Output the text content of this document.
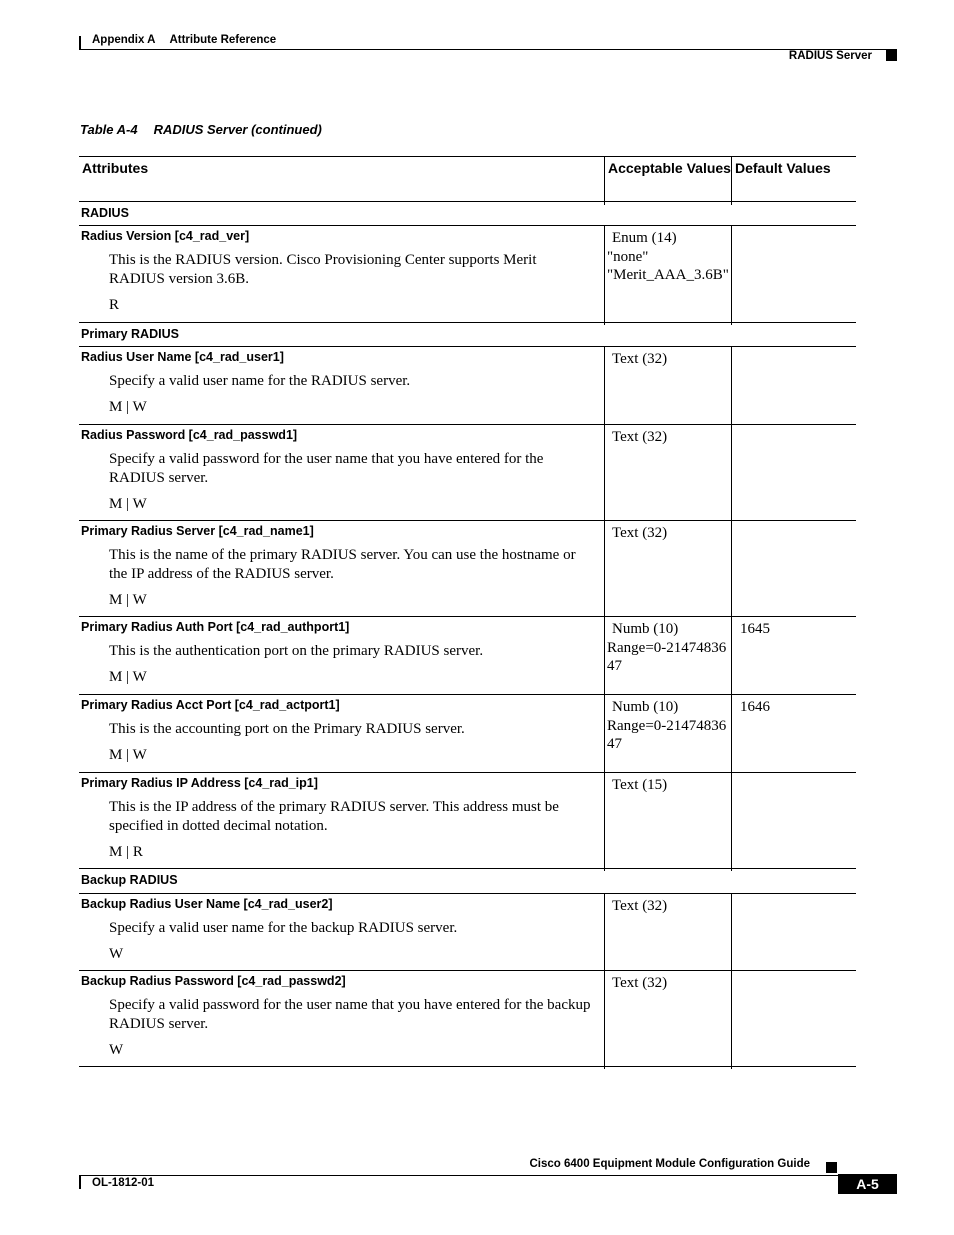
Appendix A Attribute Reference
RADIUS Server
Table A-4 RADIUS Server (continued)
Attributes	Acceptable Values Default Values
RADIUS
Radius Version [c4_rad_ver]
This is the RADIUS version. Cisco Provisioning Center supports Merit RADIUS version 3.6B.
R
Enum (14)
"none"
"Merit_AAA_3.6B"
Primary RADIUS
Radius User Name [c4_rad_user1]
Specify a valid user name for the RADIUS server.
M | W
Text (32)
Radius Password [c4_rad_passwd1]
Specify a valid password for the user name that you have entered for the RADIUS server.
M | W
Text (32)
Primary Radius Server [c4_rad_name1]
This is the name of the primary RADIUS server. You can use the hostname or the IP address of the RADIUS server.
M | W
Text (32)
Primary Radius Auth Port [c4_rad_authport1]
This is the authentication port on the primary RADIUS server.
M | W
Numb (10)
Range=0-2147483647
1645
Primary Radius Acct Port [c4_rad_actport1]
This is the accounting port on the Primary RADIUS server.
M | W
Numb (10)
Range=0-2147483647
1646
Primary Radius IP Address [c4_rad_ip1]
This is the IP address of the primary RADIUS server. This address must be specified in dotted decimal notation.
M | R
Text (15)
Backup RADIUS
Backup Radius User Name [c4_rad_user2]
Specify a valid user name for the backup RADIUS server.
W
Text (32)
Backup Radius Password [c4_rad_passwd2]
Specify a valid password for the user name that you have entered for the backup RADIUS server.
W
Text (32)
Cisco 6400 Equipment Module Configuration Guide
OL-1812-01	A-5
